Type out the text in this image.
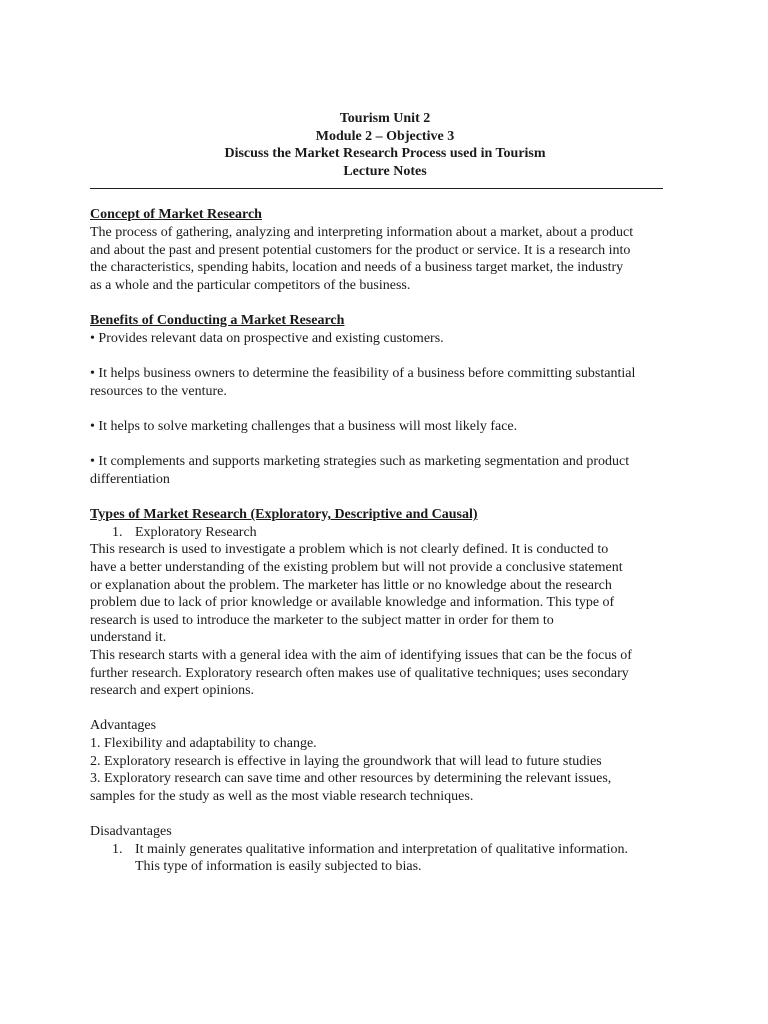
Tourism Unit 2
Module 2 – Objective 3
Discuss the Market Research Process used in Tourism
Lecture Notes
Concept of Market Research

The process of gathering, analyzing and interpreting information about a market, about a product

and about the past and present potential customers for the product or service. It is a research into

the characteristics, spending habits, location and needs of a business target market, the industry

as a whole and the particular competitors of the business.

Benefits of Conducting a Market Research

• Provides relevant data on prospective and existing customers.

• It helps business owners to determine the feasibility of a business before committing substantial

resources to the venture.

• It helps to solve marketing challenges that a business will most likely face.

• It complements and supports marketing strategies such as marketing segmentation and product

differentiation

Types of Market Research (Exploratory, Descriptive and Causal)
1. Exploratory Research

This research is used to investigate a problem which is not clearly defined. It is conducted to

have a better understanding of the existing problem but will not provide a conclusive statement

or explanation about the problem. The marketer has little or no knowledge about the research

problem due to lack of prior knowledge or available knowledge and information. This type of

research is used to introduce the marketer to the subject matter in order for them to

understand it.

This research starts with a general idea with the aim of identifying issues that can be the focus of

further research. Exploratory research often makes use of qualitative techniques; uses secondary

research and expert opinions.

Advantages

1. Flexibility and adaptability to change.

2. Exploratory research is effective in laying the groundwork that will lead to future studies

3. Exploratory research can save time and other resources by determining the relevant issues,

samples for the study as well as the most viable research techniques.

Disadvantages

1. It mainly generates qualitative information and interpretation of qualitative information.
This type of information is easily subjected to bias.
